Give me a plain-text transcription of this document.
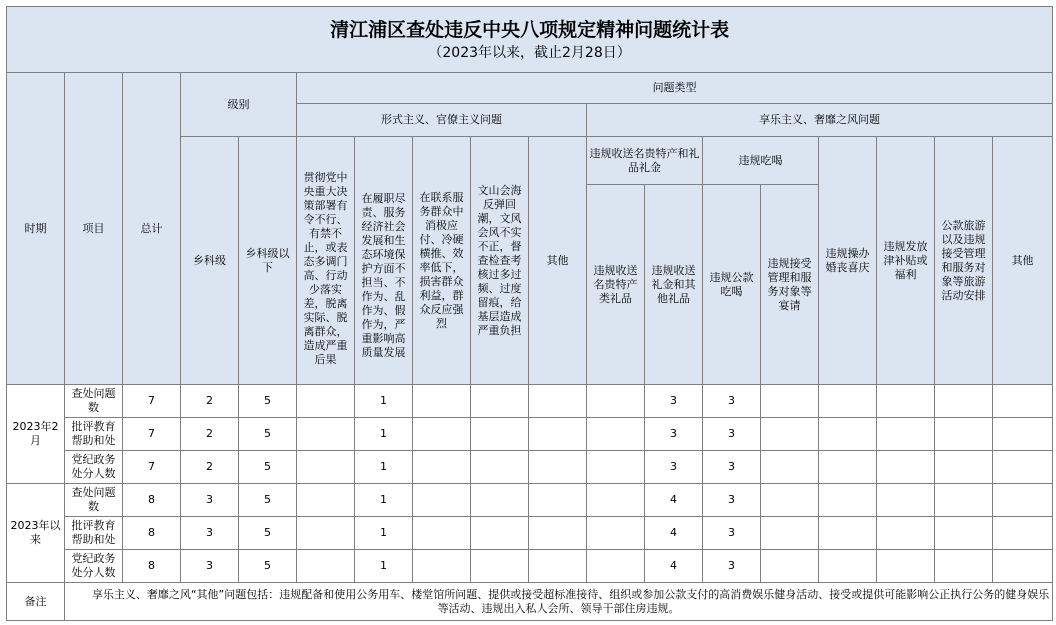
清江浦区查处违反中央八项规定精神问题统计表
（2023年以来，截止2月28日）																	

时期	项目	总计	级别		问题类型												
					形式主义、官僚主义问题					享乐主义、奢靡之风问题							
			乡科级	乡科级以下	贯彻党中央重大决策部署有令不行、有禁不止，或表态多调门高、行动少落实差，脱离实际、脱离群众，造成严重后果	在履职尽责、服务经济社会发展和生态环境保护方面不担当、不作为、乱作为、假作为，严重影响高质量发展	在联系服务群众中消极应付、冷硬横推、效率低下，损害群众利益，群众反应强烈	文山会海反弹回潮，文风会风不实不正，督查检查考核过多过频、过度留痕，给基层造成严重负担	其他	违规收送名贵特产和礼品礼金		违规吃喝		违规操办婚丧喜庆	违规发放津补贴或福利	公款旅游以及违规接受管理和服务对象等旅游活动安排	其他
										违规收送名贵特产类礼品	违规收送礼金和其他礼品	违规公款吃喝	违规接受管理和服务对象等宴请				
2023年2月	查处问题数	7	2	5		1					3	3					
	批评教育帮助和处	7	2	5		1					3	3					
	党纪政务处分人数	7	2	5		1					3	3					
2023年以来	查处问题数	8	3	5		1					4	3					
	批评教育帮助和处	8	3	5		1					4	3					
	党纪政务处分人数	8	3	5		1					4	3					
备注	享乐主义、奢靡之风“其他”问题包括：违规配备和使用公务用车、楼堂馆所问题、提供或接受超标准接待、组织或参加公款支付的高消费娱乐健身活动、接受或提供可能影响公正执行公务的健身娱乐等活动、违规出入私人会所、领导干部住房违规。																
